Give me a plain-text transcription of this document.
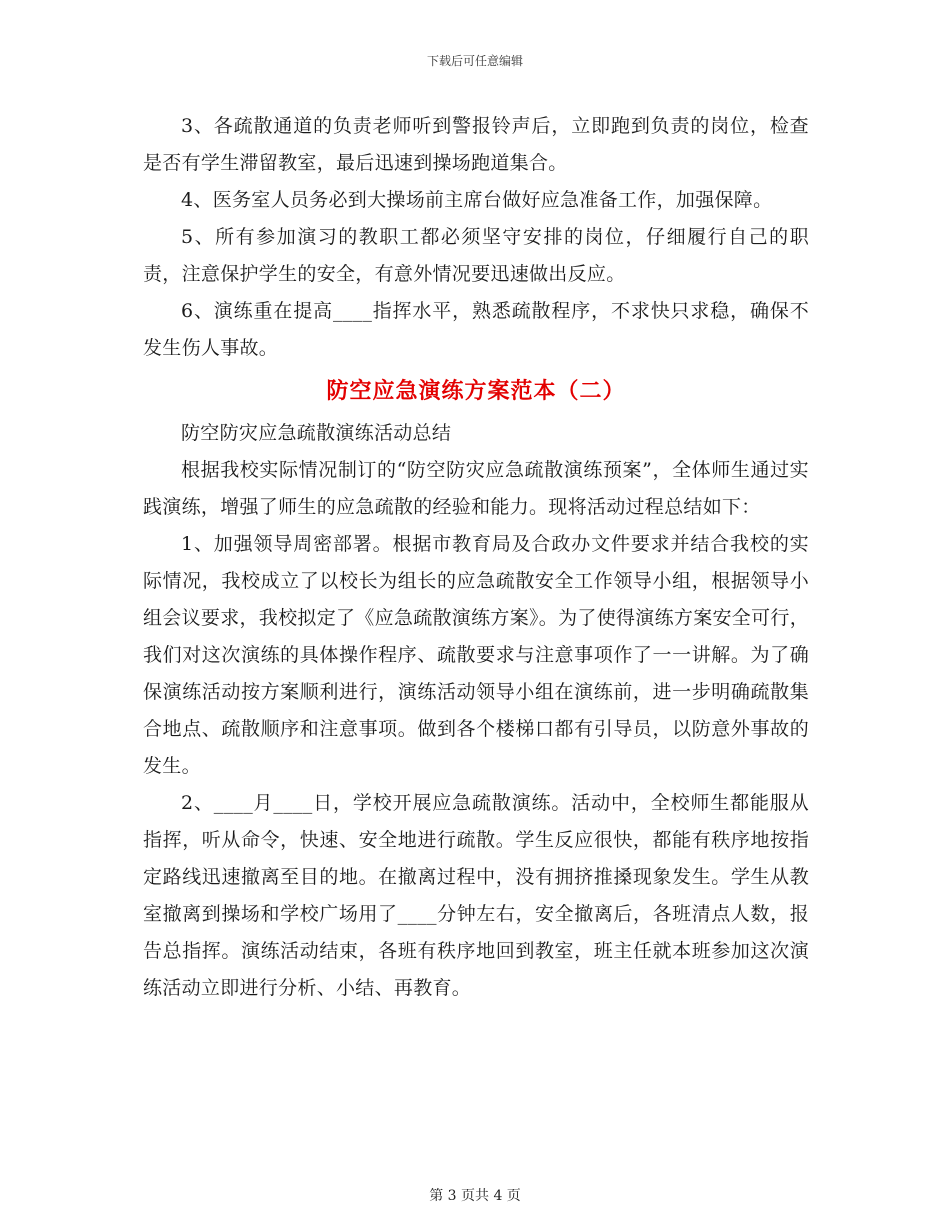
下载后可任意编辑

3、各疏散通道的负责老师听到警报铃声后，立即跑到负责的岗位，检查是否有学生滞留教室，最后迅速到操场跑道集合。

4、医务室人员务必到大操场前主席台做好应急准备工作，加强保障。

5、所有参加演习的教职工都必须坚守安排的岗位，仔细履行自己的职责，注意保护学生的安全，有意外情况要迅速做出反应。

6、演练重在提高____指挥水平，熟悉疏散程序，不求快只求稳，确保不发生伤人事故。

防空应急演练方案范本（二）

防空防灾应急疏散演练活动总结

根据我校实际情况制订的“防空防灾应急疏散演练预案”，全体师生通过实践演练，增强了师生的应急疏散的经验和能力。现将活动过程总结如下：

1、加强领导周密部署。根据市教育局及合政办文件要求并结合我校的实际情况，我校成立了以校长为组长的应急疏散安全工作领导小组，根据领导小组会议要求，我校拟定了《应急疏散演练方案》。为了使得演练方案安全可行，我们对这次演练的具体操作程序、疏散要求与注意事项作了一一讲解。为了确保演练活动按方案顺利进行，演练活动领导小组在演练前，进一步明确疏散集合地点、疏散顺序和注意事项。做到各个楼梯口都有引导员，以防意外事故的发生。

2、____月____日，学校开展应急疏散演练。活动中，全校师生都能服从指挥，听从命令，快速、安全地进行疏散。学生反应很快，都能有秩序地按指定路线迅速撤离至目的地。在撤离过程中，没有拥挤推搡现象发生。学生从教室撤离到操场和学校广场用了____分钟左右，安全撤离后，各班清点人数，报告总指挥。演练活动结束，各班有秩序地回到教室，班主任就本班参加这次演练活动立即进行分析、小结、再教育。

第 3 页共 4 页
